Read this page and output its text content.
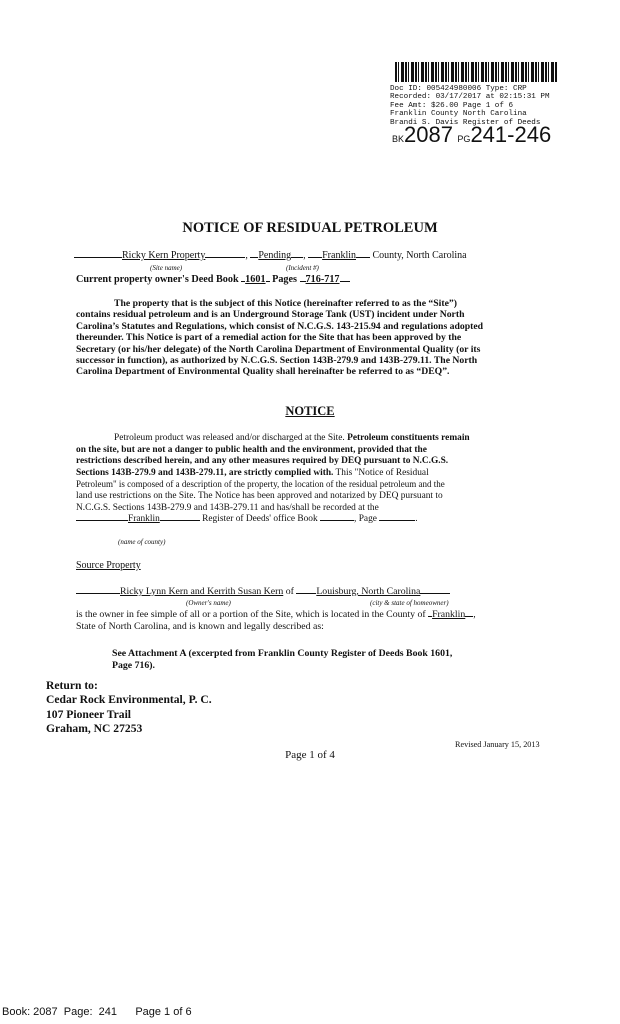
Doc ID: 005424980006 Type: CRP
Recorded: 03/17/2017 at 02:15:31 PM
Fee Amt: $26.00 Page 1 of 6
Franklin County North Carolina
Brandi S. Davis Register of Deeds
BK2087 PG241-246
NOTICE OF RESIDUAL PETROLEUM
Ricky Kern Property	, Pending , Franklin County, North Carolina
(Site name)	(Incident #)
Current property owner's Deed Book 1601 Pages 716-717
The property that is the subject of this Notice (hereinafter referred to as the “Site”)
contains residual petroleum and is an Underground Storage Tank (UST) incident under North
Carolina’s Statutes and Regulations, which consist of N.C.G.S. 143-215.94 and regulations adopted
thereunder. This Notice is part of a remedial action for the Site that has been approved by the
Secretary (or his/her delegate) of the North Carolina Department of Environmental Quality (or its
successor in function), as authorized by N.C.G.S. Section 143B-279.9 and 143B-279.11. The North
Carolina Department of Environmental Quality shall hereinafter be referred to as “DEQ”.
NOTICE
Petroleum product was released and/or discharged at the Site. Petroleum constituents remain
on the site, but are not a danger to public health and the environment, provided that the
restrictions described herein, and any other measures required by DEQ pursuant to N.C.G.S.
Sections 143B-279.9 and 143B-279.11, are strictly complied with. This "Notice of Residual
Petroleum" is composed of a description of the property, the location of the residual petroleum and the
land use restrictions on the Site. The Notice has been approved and notarized by DEQ pursuant to
N.C.G.S. Sections 143B-279.9 and 143B-279.11 and has/shall be recorded at the
Franklin	Register of Deeds' office Book	, Page	.
(name of county)
Source Property
Ricky Lynn Kern and Kerrith Susan Kern of Louisburg, North Carolina
(Owner's name)	(city & state of homeowner)
is the owner in fee simple of all or a portion of the Site, which is located in the County of Franklin ,
State of North Carolina, and is known and legally described as:
See Attachment A (excerpted from Franklin County Register of Deeds Book 1601,
Page 716).
Return to:
Cedar Rock Environmental, P. C.
107 Pioneer Trail
Graham, NC 27253
Revised January 15, 2013
Page 1 of 4
Book: 2087  Page:  241      Page 1 of 6
